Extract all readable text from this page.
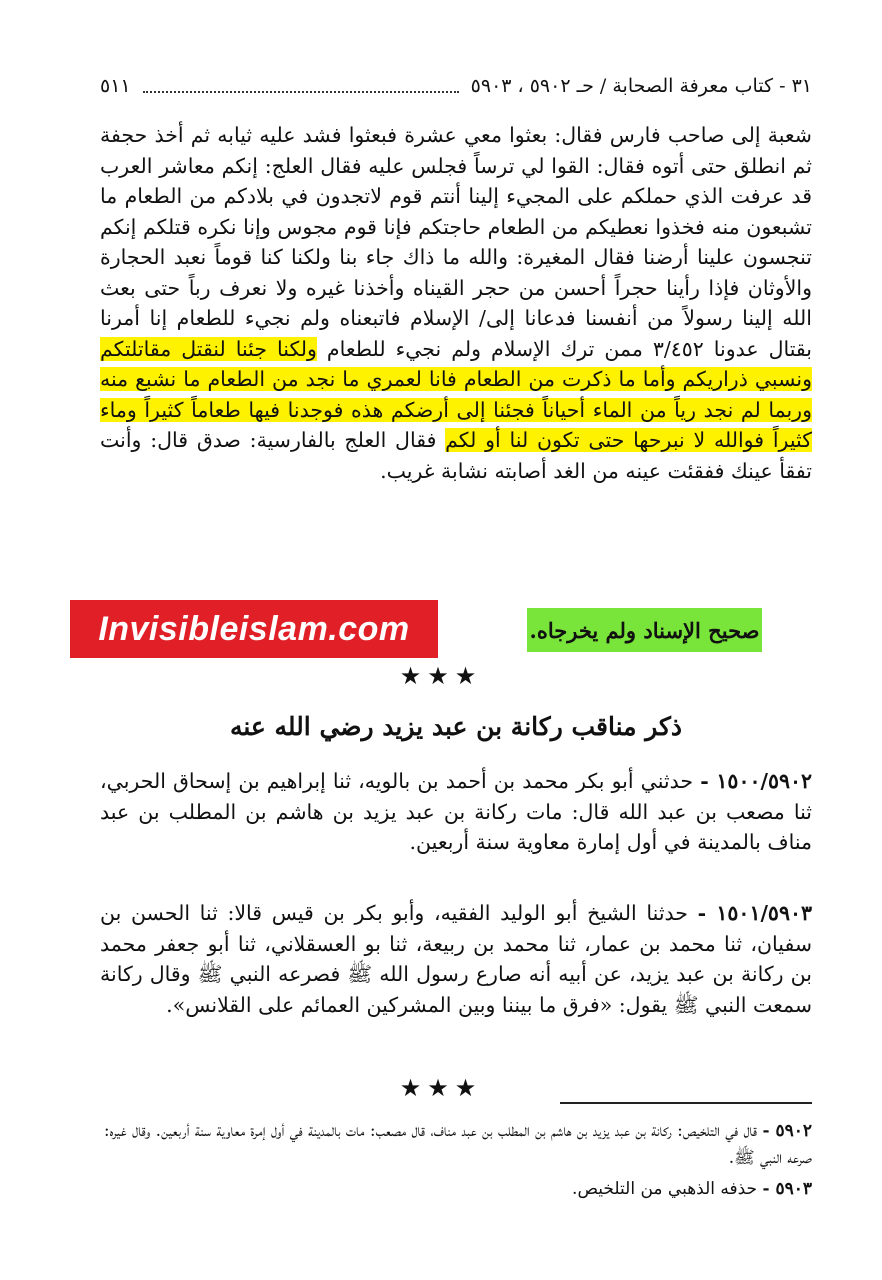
٣١ - كتاب معرفة الصحابة / حـ ٥٩٠٢ ، ٥٩٠٣
٥١١

شعبة إلى صاحب فارس فقال: بعثوا معي عشرة فبعثوا فشد عليه ثيابه ثم أخذ حجفة ثم انطلق حتى أتوه فقال: القوا لي ترساً فجلس عليه فقال العلج: إنكم معاشر العرب قد عرفت الذي حملكم على المجيء إلينا أنتم قوم لاتجدون في بلادكم من الطعام ما تشبعون منه فخذوا نعطيكم من الطعام حاجتكم فإنا قوم مجوس وإنا نكره قتلكم إنكم تنجسون علينا أرضنا فقال المغيرة: والله ما ذاك جاء بنا ولكنا كنا قوماً نعبد الحجارة والأوثان فإذا رأينا حجراً أحسن من حجر القيناه وأخذنا غيره ولا نعرف رباً حتى بعث الله إلينا رسولاً من أنفسنا فدعانا إلى/ الإسلام فاتبعناه ولم نجيء للطعام إنا أمرنا بقتال عدونا ٣/٤٥٢ ممن ترك الإسلام ولم نجيء للطعام ولكنا جئنا لنقتل مقاتلتكم ونسبي ذراريكم وأما ما ذكرت من الطعام فانا لعمري ما نجد من الطعام ما نشبع منه وربما لم نجد رياً من الماء أحياناً فجئنا إلى أرضكم هذه فوجدنا فيها طعاماً كثيراً وماء كثيراً فوالله لا نبرحها حتى تكون لنا أو لكم فقال العلج بالفارسية: صدق قال: وأنت تفقأ عينك ففقئت عينه من الغد أصابته نشابة غريب.

Invisibleislam.com	صحيح الإسناد ولم يخرجاه.
★★★
ذكر مناقب ركانة بن عبد يزيد رضي الله عنه
١٥٠٠/٥٩٠٢ - حدثني أبو بكر محمد بن أحمد بن بالويه، ثنا إبراهيم بن إسحاق الحربي، ثنا مصعب بن عبد الله قال: مات ركانة بن عبد يزيد بن هاشم بن المطلب بن عبد مناف بالمدينة في أول إمارة معاوية سنة أربعين.
١٥٠١/٥٩٠٣ - حدثنا الشيخ أبو الوليد الفقيه، وأبو بكر بن قيس قالا: ثنا الحسن بن سفيان، ثنا محمد بن عمار، ثنا محمد بن ربيعة، ثنا بو العسقلاني، ثنا أبو جعفر محمد بن ركانة بن عبد يزيد، عن أبيه أنه صارع رسول الله ﷺ فصرعه النبي ﷺ وقال ركانة سمعت النبي ﷺ يقول: «فرق ما بيننا وبين المشركين العمائم على القلانس».
★★★

٥٩٠٢ - قال في التلخيص: ركانة بن عبد يزيد بن هاشم بن المطلب بن عبد مناف، قال مصعب: مات بالمدينة في أول إمرة معاوية سنة أربعين. وقال غيره: صرعه النبي ﷺ.

٥٩٠٣ - حذفه الذهبي من التلخيص.
